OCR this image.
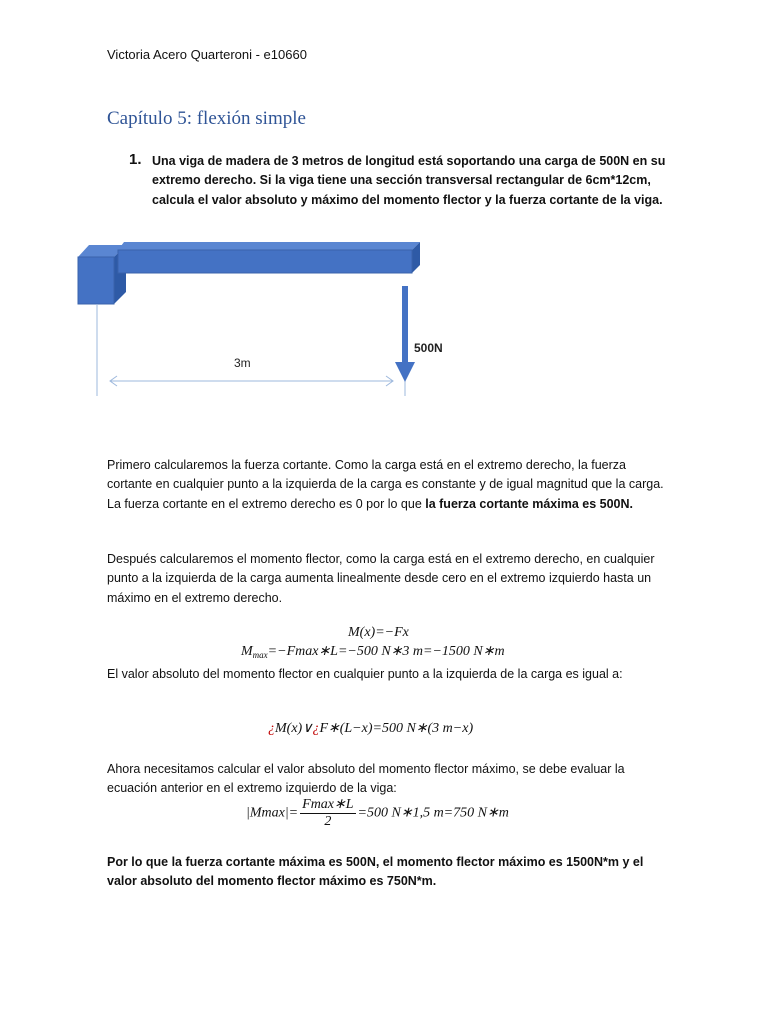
Victoria Acero Quarteroni - e10660
Capítulo 5: flexión simple
1. Una viga de madera de 3 metros de longitud está soportando una carga de 500N en su extremo derecho. Si la viga tiene una sección transversal rectangular de 6cm*12cm, calcula el valor absoluto y máximo del momento flector y la fuerza cortante de la viga.
500N
3m
Primero calcularemos la fuerza cortante. Como la carga está en el extremo derecho, la fuerza cortante en cualquier punto a la izquierda de la carga es constante y de igual magnitud que la carga. La fuerza cortante en el extremo derecho es 0 por lo que la fuerza cortante máxima es 500N.
Después calcularemos el momento flector, como la carga está en el extremo derecho, en cualquier punto a la izquierda de la carga aumenta linealmente desde cero en el extremo izquierdo hasta un máximo en el extremo derecho.
M(x)=−Fx
$M_{max}=-Fmax∗L=-500$ N∗3 m=−1500 N∗m
El valor absoluto del momento flector en cualquier punto a la izquierda de la carga es igual a:
¿M(x)∨¿F∗(L−x)=500 N∗(3 m−x)
Ahora necesitamos calcular el valor absoluto del momento flector máximo, se debe evaluar la ecuación anterior en el extremo izquierdo de la viga:
$|Mmax|= \frac{Fmax∗L}{2} =500$ N∗1,5 m=750 N∗m
Por lo que la fuerza cortante máxima es 500N, el momento flector máximo es 1500N*m y el valor absoluto del momento flector máximo es 750N*m.
